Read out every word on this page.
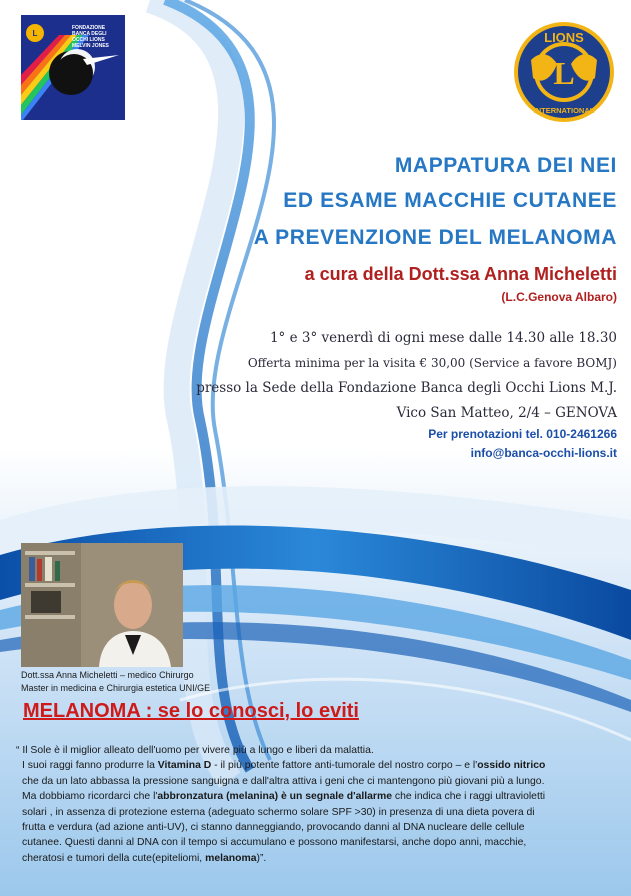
L
FONDAZIONE BANCA DEGLI OCCHI LIONS MELVIN JONES
LIONS
L
INTERNATIONAL
MAPPATURA DEI NEI
ED ESAME MACCHIE CUTANEE
A PREVENZIONE DEL MELANOMA
a cura della Dott.ssa Anna Micheletti
(L.C.Genova Albaro)
1° e 3° venerdì di ogni mese dalle 14.30 alle 18.30
Offerta minima per la visita € 30,00 (Service a favore BOMJ)
presso la Sede della Fondazione Banca degli Occhi Lions M.J.
Vico San Matteo, 2/4 – GENOVA
Per prenotazioni tel. 010-2461266
info@banca-occhi-lions.it
Dott.ssa Anna Micheletti – medico Chirurgo
Master in medicina e Chirurgia estetica UNI/GE
MELANOMA : se lo conosci, lo eviti
“ Il Sole è il miglior alleato dell'uomo per vivere più a lungo e liberi da malattia.
I suoi raggi fanno produrre la Vitamina D - il più potente fattore anti-tumorale del nostro corpo – e l'ossido nitrico
che da un lato abbassa la pressione sanguigna e dall'altra attiva i geni che ci mantengono più giovani più a lungo.
Ma dobbiamo ricordarci che l'abbronzatura (melanina) è un segnale d'allarme che indica che i raggi ultravioletti
solari , in assenza di protezione esterna (adeguato schermo solare SPF >30) in presenza di una dieta povera di
frutta e verdura (ad azione anti-UV), ci stanno danneggiando, provocando danni al DNA nucleare delle cellule
cutanee. Questi danni al DNA con il tempo si accumulano e possono manifestarsi, anche dopo anni, macchie,
cheratosi e tumori della cute(epiteliomi, melanoma)”.
